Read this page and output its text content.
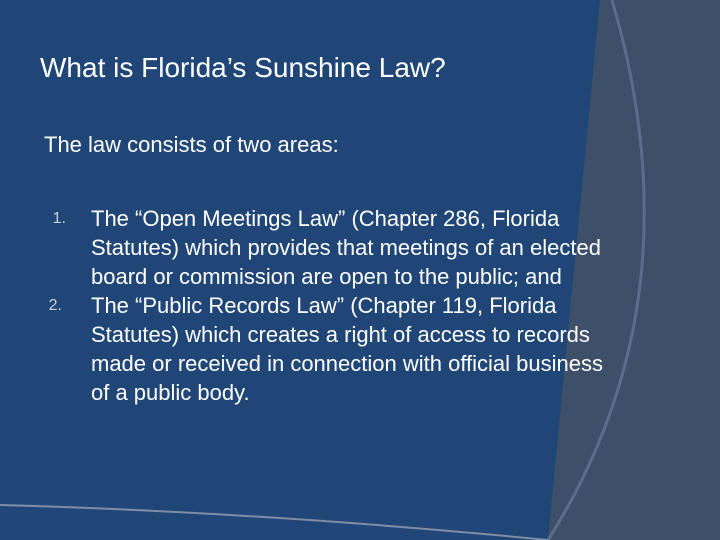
What is Florida’s Sunshine Law?
The law consists of two areas:
1. The “Open Meetings Law” (Chapter 286, Florida Statutes) which provides that meetings of an elected board or commission are open to the public; and
2. The “Public Records Law” (Chapter 119, Florida Statutes) which creates a right of access to records made or received in connection with official business of a public body.
